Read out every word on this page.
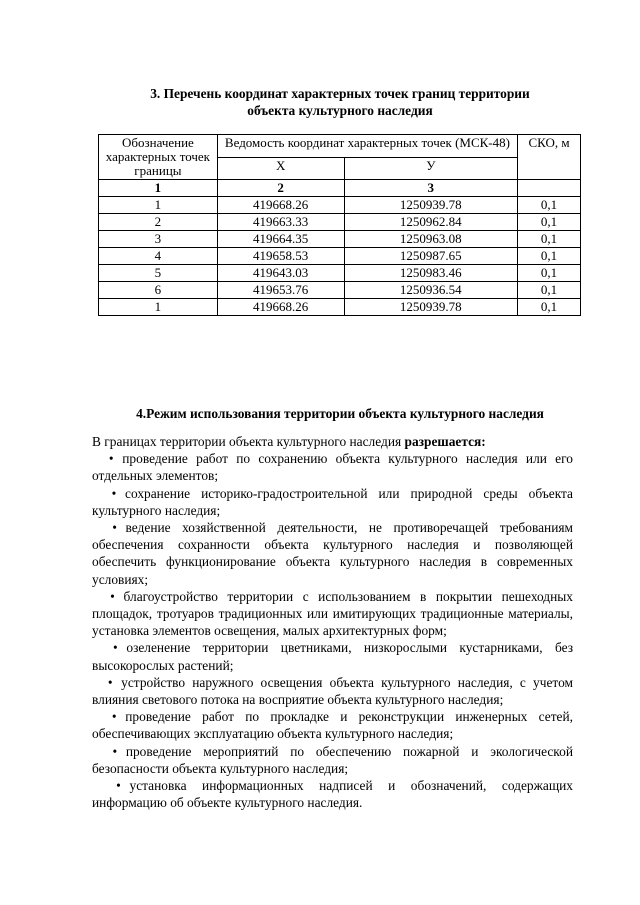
3. Перечень координат характерных точек границ территории
объекта культурного наследия
Обозначение характерных точек границы	Ведомость координат характерных точек (МСК-48)		СКО, м
	Х	У	
1	2	3	
1	419668.26	1250939.78	0,1
2	419663.33	1250962.84	0,1
3	419664.35	1250963.08	0,1
4	419658.53	1250987.65	0,1
5	419643.03	1250983.46	0,1
6	419653.76	1250936.54	0,1
1	419668.26	1250939.78	0,1
4.Режим использования территории объекта культурного наследия

В границах территории объекта культурного наследия разрешается:

• проведение работ по сохранению объекта культурного наследия или его отдельных элементов;

• сохранение историко-градостроительной или природной среды объекта культурного наследия;

• ведение хозяйственной деятельности, не противоречащей требованиям обеспечения сохранности объекта культурного наследия и позволяющей обеспечить функционирование объекта культурного наследия в современных условиях;

• благоустройство территории с использованием в покрытии пешеходных площадок, тротуаров традиционных или имитирующих традиционные материалы, установка элементов освещения, малых архитектурных форм;

• озеленение территории цветниками, низкорослыми кустарниками, без высокорослых растений;

• устройство наружного освещения объекта культурного наследия, с учетом влияния светового потока на восприятие объекта культурного наследия;

• проведение работ по прокладке и реконструкции инженерных сетей, обеспечивающих эксплуатацию объекта культурного наследия;

• проведение мероприятий по обеспечению пожарной и экологической безопасности объекта культурного наследия;

• установка информационных надписей и обозначений, содержащих информацию об объекте культурного наследия.
